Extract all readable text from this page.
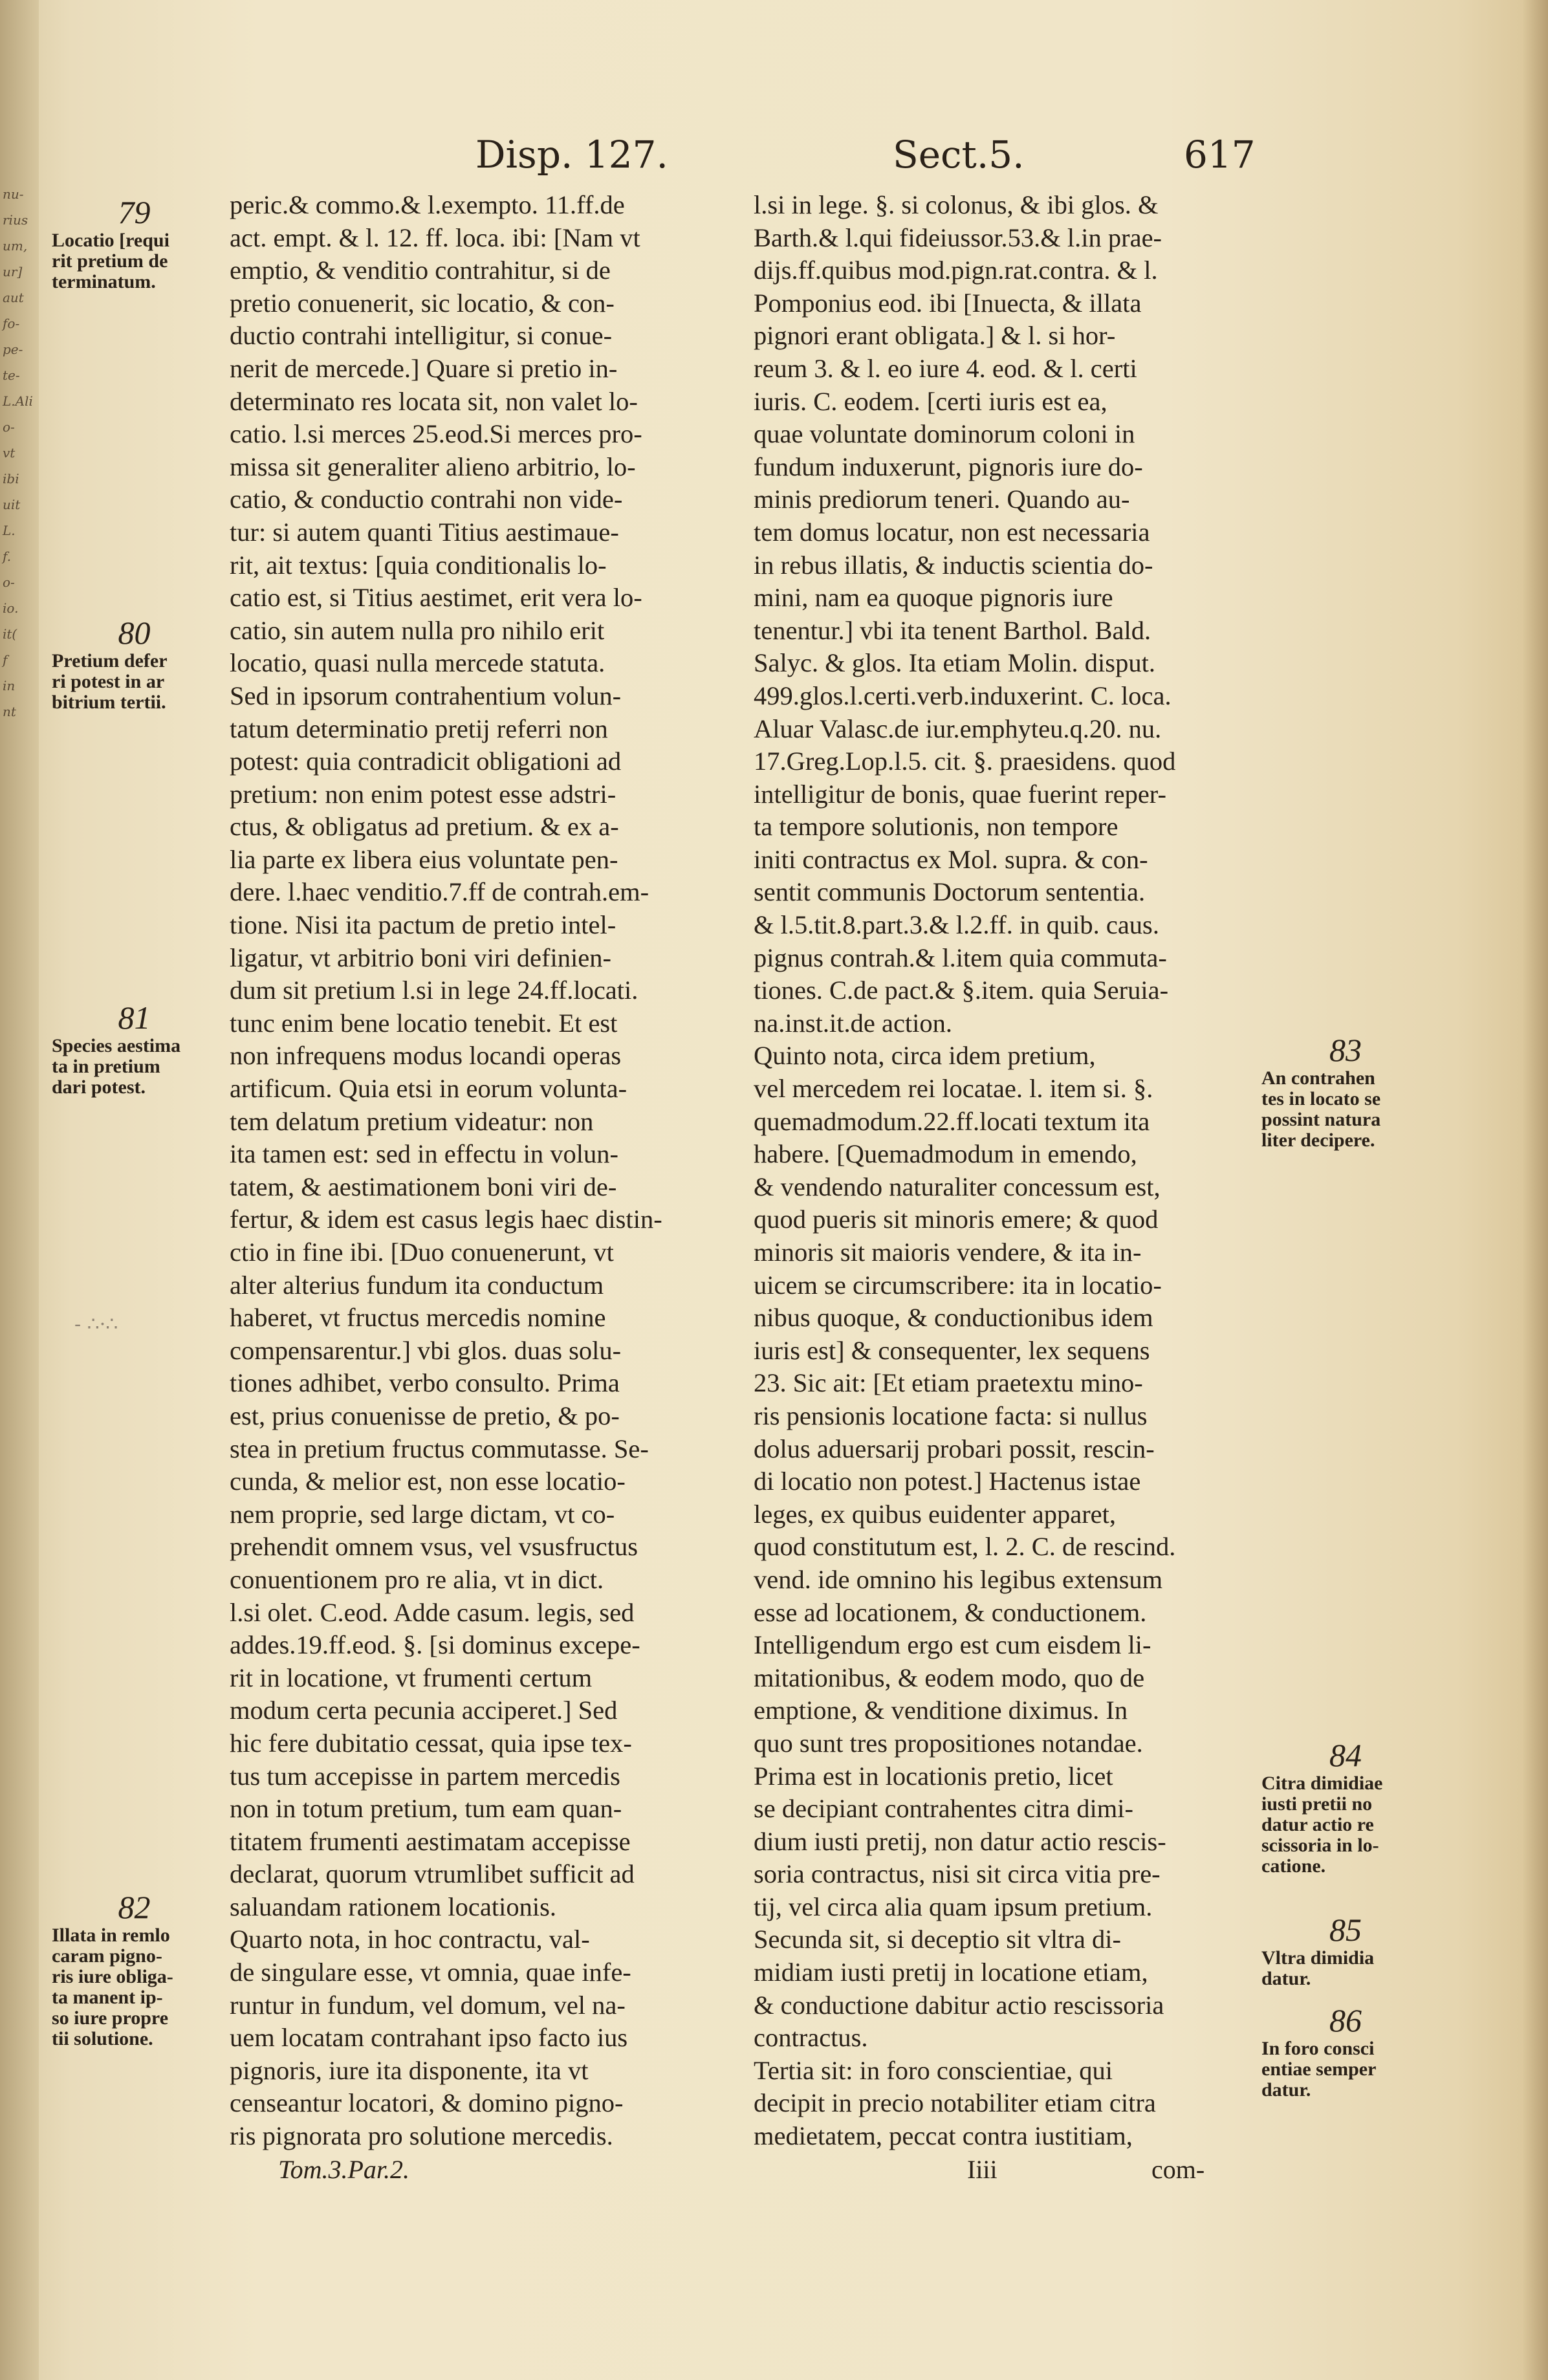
nu-
rius
um,
ur]
aut
fo-
pe-
te-
L.Ali
o-
vt
ibi
uit
L.
f.
o-
io.
it(
f
in
nt
Disp. 127.	Sect.5.	617
peric.& commo.& l.exempto. 11.ff.de
act. empt. & l. 12. ff. loca. ibi: [Nam vt
emptio, & venditio contrahitur, si de
pretio conuenerit, sic locatio, & con-
ductio contrahi intelligitur, si conue-
nerit de mercede.] Quare si pretio in-
determinato res locata sit, non valet lo-
catio. l.si merces 25.eod.Si merces pro-
missa sit generaliter alieno arbitrio, lo-
catio, & conductio contrahi non vide-
tur: si autem quanti Titius aestimaue-
rit, ait textus: [quia conditionalis lo-
catio est, si Titius aestimet, erit vera lo-
catio, sin autem nulla pro nihilo erit
locatio, quasi nulla mercede statuta.
Sed in ipsorum contrahentium volun-
tatum determinatio pretij referri non
potest: quia contradicit obligationi ad
pretium: non enim potest esse adstri-
ctus, & obligatus ad pretium. & ex a-
lia parte ex libera eius voluntate pen-
dere. l.haec venditio.7.ff de contrah.em-
tione. Nisi ita pactum de pretio intel-
ligatur, vt arbitrio boni viri definien-
dum sit pretium l.si in lege 24.ff.locati.
tunc enim bene locatio tenebit. Et est
non infrequens modus locandi operas
artificum. Quia etsi in eorum volunta-
tem delatum pretium videatur: non
ita tamen est: sed in effectu in volun-
tatem, & aestimationem boni viri de-
fertur, & idem est casus legis haec distin-
ctio in fine ibi. [Duo conuenerunt, vt
alter alterius fundum ita conductum
haberet, vt fructus mercedis nomine
compensarentur.] vbi glos. duas solu-
tiones adhibet, verbo consulto. Prima
est, prius conuenisse de pretio, & po-
stea in pretium fructus commutasse. Se-
cunda, & melior est, non esse locatio-
nem proprie, sed large dictam, vt co-
prehendit omnem vsus, vel vsusfructus
conuentionem pro re alia, vt in dict.
l.si olet. C.eod. Adde casum. legis, sed
addes.19.ff.eod. §. [si dominus excepe-
rit in locatione, vt frumenti certum
modum certa pecunia acciperet.] Sed
hic fere dubitatio cessat, quia ipse tex-
tus tum accepisse in partem mercedis
non in totum pretium, tum eam quan-
titatem frumenti aestimatam accepisse
declarat, quorum vtrumlibet sufficit ad
saluandam rationem locationis.
Quarto nota, in hoc contractu, val-
de singulare esse, vt omnia, quae infe-
runtur in fundum, vel domum, vel na-
uem locatam contrahant ipso facto ius
pignoris, iure ita disponente, ita vt
censeantur locatori, & domino pigno-
ris pignorata pro solutione mercedis.
l.si in lege. §. si colonus, & ibi glos. &
Barth.& l.qui fideiussor.53.& l.in prae-
dijs.ff.quibus mod.pign.rat.contra. & l.
Pomponius eod. ibi [Inuecta, & illata
pignori erant obligata.] & l. si hor-
reum 3. & l. eo iure 4. eod. & l. certi
iuris. C. eodem. [certi iuris est ea,
quae voluntate dominorum coloni in
fundum induxerunt, pignoris iure do-
minis prediorum teneri. Quando au-
tem domus locatur, non est necessaria
in rebus illatis, & inductis scientia do-
mini, nam ea quoque pignoris iure
tenentur.] vbi ita tenent Barthol. Bald.
Salyc. & glos. Ita etiam Molin. disput.
499.glos.l.certi.verb.induxerint. C. loca.
Aluar Valasc.de iur.emphyteu.q.20. nu.
17.Greg.Lop.l.5. cit. §. praesidens. quod
intelligitur de bonis, quae fuerint reper-
ta tempore solutionis, non tempore
initi contractus ex Mol. supra. & con-
sentit communis Doctorum sententia.
& l.5.tit.8.part.3.& l.2.ff. in quib. caus.
pignus contrah.& l.item quia commuta-
tiones. C.de pact.& §.item. quia Seruia-
na.inst.it.de action.
Quinto nota, circa idem pretium,
vel mercedem rei locatae. l. item si. §.
quemadmodum.22.ff.locati textum ita
habere. [Quemadmodum in emendo,
& vendendo naturaliter concessum est,
quod pueris sit minoris emere; & quod
minoris sit maioris vendere, & ita in-
uicem se circumscribere: ita in locatio-
nibus quoque, & conductionibus idem
iuris est] & consequenter, lex sequens
23. Sic ait: [Et etiam praetextu mino-
ris pensionis locatione facta: si nullus
dolus aduersarij probari possit, rescin-
di locatio non potest.] Hactenus istae
leges, ex quibus euidenter apparet,
quod constitutum est, l. 2. C. de rescind.
vend. ide omnino his legibus extensum
esse ad locationem, & conductionem.
Intelligendum ergo est cum eisdem li-
mitationibus, & eodem modo, quo de
emptione, & venditione diximus. In
quo sunt tres propositiones notandae.
Prima est in locationis pretio, licet
se decipiant contrahentes citra dimi-
dium iusti pretij, non datur actio rescis-
soria contractus, nisi sit circa vitia pre-
tij, vel circa alia quam ipsum pretium.
Secunda sit, si deceptio sit vltra di-
midiam iusti pretij in locatione etiam,
& conductione dabitur actio rescissoria
contractus.
Tertia sit: in foro conscientiae, qui
decipit in precio notabiliter etiam citra
medietatem, peccat contra iustitiam,
79
Locatio [requi
rit pretium de
terminatum.
80
Pretium defer
ri potest in ar
bitrium tertii.
81
Species aestima
ta in pretium
dari potest.
82
Illata in remlo
caram pigno-
ris iure obliga-
ta manent ip-
so iure propre
tii solutione.
83
An contrahen
tes in locato se
possint natura
liter decipere.
84
Citra dimidiae
iusti pretii no
datur actio re
scissoria in lo-
catione.
85
Vltra dimidia
datur.
86
In foro consci
entiae semper
datur.
- ∴·∴
Tom.3.Par.2.	Iiii	com-
